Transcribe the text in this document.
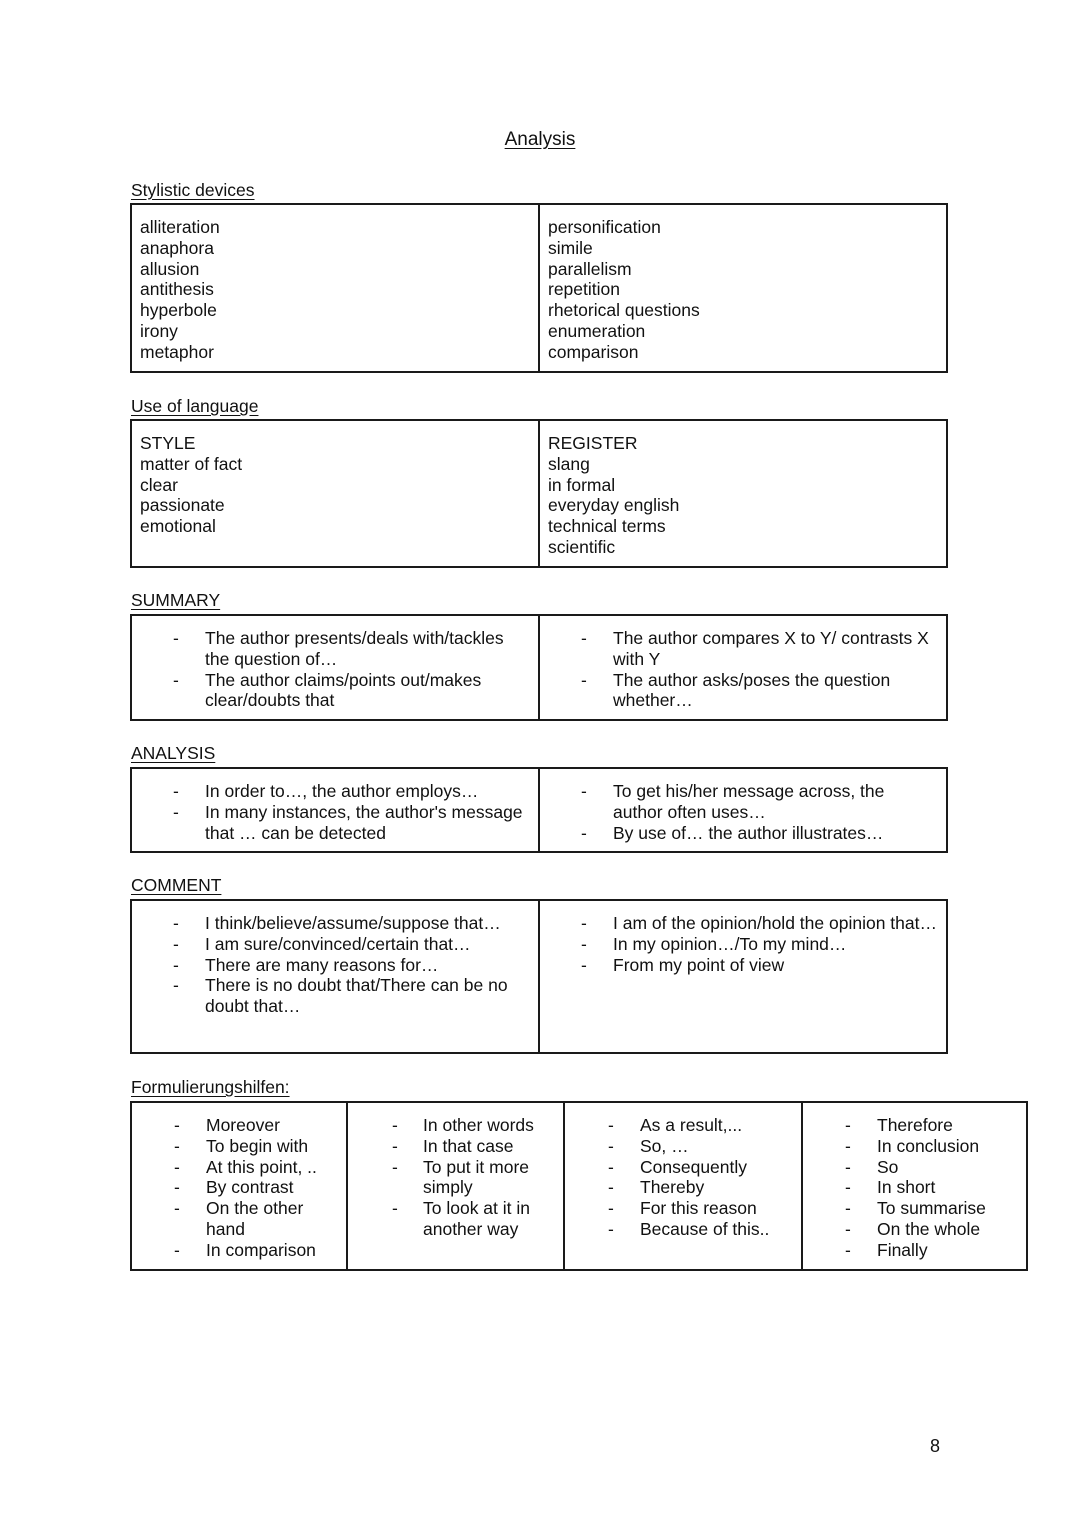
Analysis
Stylistic devices
alliteration
anaphora
allusion
antithesis
hyperbole
irony
metaphor

personification
simile
parallelism
repetition
rhetorical questions
enumeration
comparison
Use of language
STYLE
matter of fact
clear
passionate
emotional

REGISTER
slang
in formal
everyday english
technical terms
scientific
SUMMARY
- The author presents/deals with/tackles the question of…
- The author claims/points out/makes clear/doubts that

- The author compares X to Y/ contrasts X with Y
- The author asks/poses the question whether…
ANALYSIS
- In order to…, the author employs…
- In many instances, the author's message that … can be detected

- To get his/her message across, the author often uses…
- By use of… the author illustrates…
COMMENT
- I think/believe/assume/suppose that…
- I am sure/convinced/certain that…
- There are many reasons for…
- There is no doubt that/There can be no doubt that…

- I am of the opinion/hold the opinion that…
- In my opinion…/To my mind…
- From my point of view
Formulierungshilfen:
- Moreover
- To begin with
- At this point, ..
- By contrast
- On the other hand
- In comparison

- In other words
- In that case
- To put it more simply
- To look at it in another way

- As a result,...
- So, …
- Consequently
- Thereby
- For this reason
- Because of this..

- Therefore
- In conclusion
- So
- In short
- To summarise
- On the whole
- Finally
8
